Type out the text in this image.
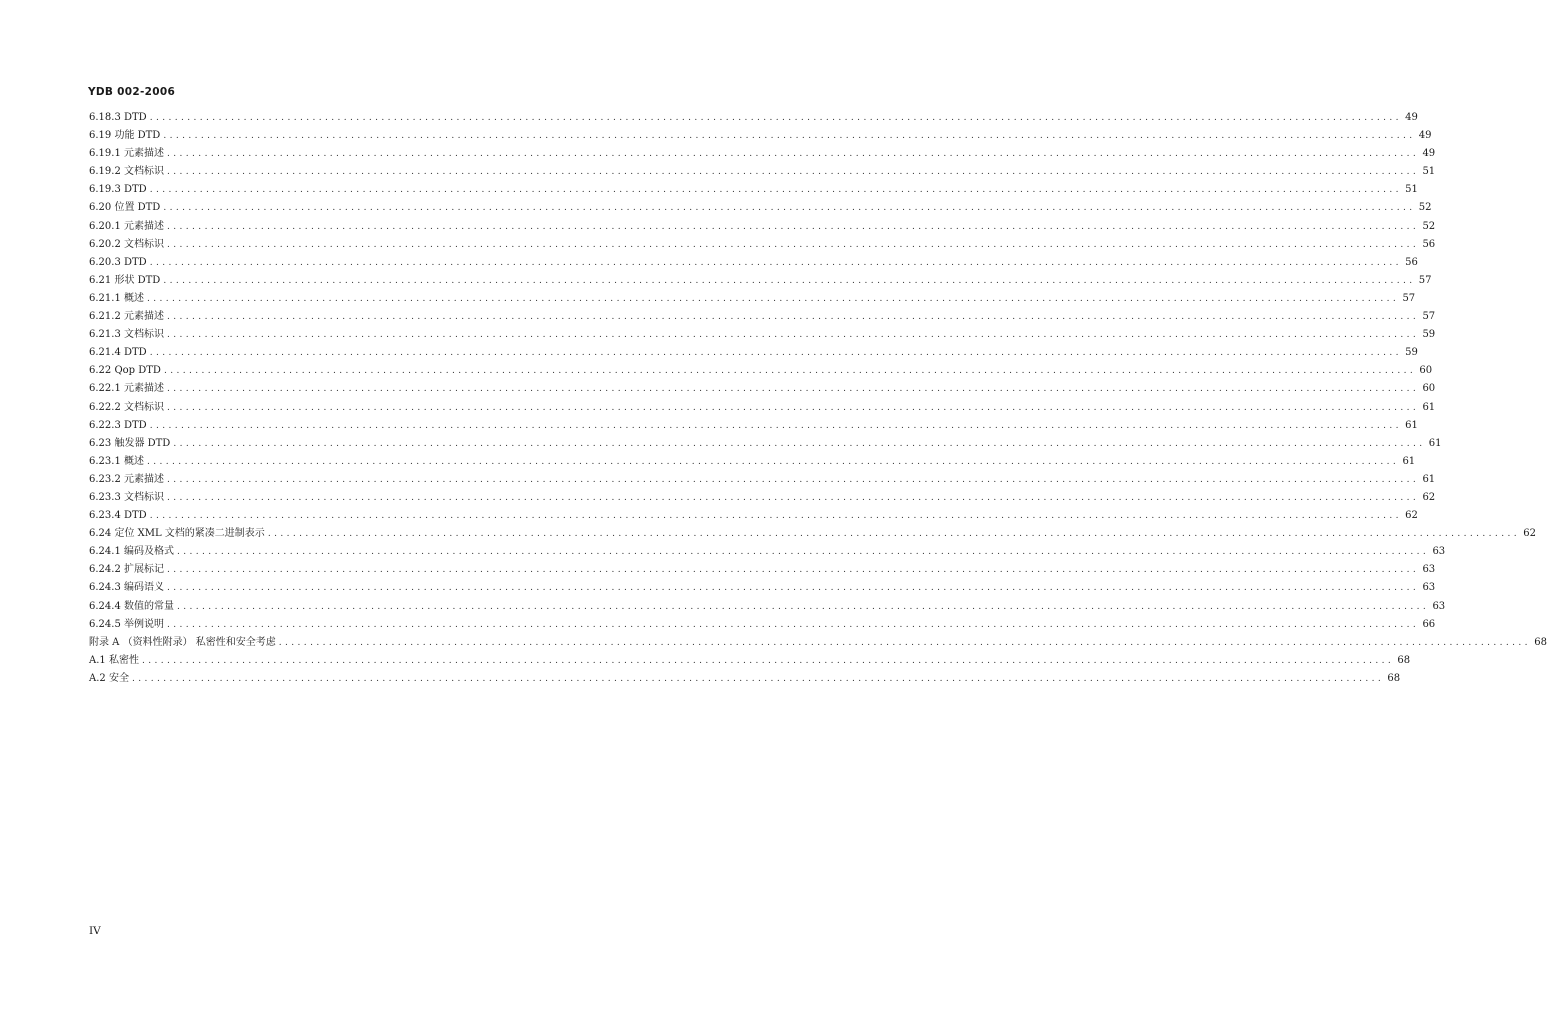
YDB 002-2006
6.18.3 DTD ........................................................................................................................................................................................................ 49
6.19 功能 DTD ........................................................................................................................................................................................................ 49
6.19.1 元素描述 ........................................................................................................................................................................................................ 49
6.19.2 文档标识 ........................................................................................................................................................................................................ 51
6.19.3 DTD ........................................................................................................................................................................................................ 51
6.20 位置 DTD ........................................................................................................................................................................................................ 52
6.20.1 元素描述 ........................................................................................................................................................................................................ 52
6.20.2 文档标识 ........................................................................................................................................................................................................ 56
6.20.3 DTD ........................................................................................................................................................................................................ 56
6.21 形状 DTD ........................................................................................................................................................................................................ 57
6.21.1 概述 ........................................................................................................................................................................................................ 57
6.21.2 元素描述 ........................................................................................................................................................................................................ 57
6.21.3 文档标识 ........................................................................................................................................................................................................ 59
6.21.4 DTD ........................................................................................................................................................................................................ 59
6.22 Qop DTD ........................................................................................................................................................................................................ 60
6.22.1 元素描述 ........................................................................................................................................................................................................ 60
6.22.2 文档标识 ........................................................................................................................................................................................................ 61
6.22.3 DTD ........................................................................................................................................................................................................ 61
6.23 触发器 DTD ........................................................................................................................................................................................................ 61
6.23.1 概述 ........................................................................................................................................................................................................ 61
6.23.2 元素描述 ........................................................................................................................................................................................................ 61
6.23.3 文档标识 ........................................................................................................................................................................................................ 62
6.23.4 DTD ........................................................................................................................................................................................................ 62
6.24 定位 XML 文档的紧凑二进制表示 ........................................................................................................................................................................................................ 62
6.24.1 编码及格式 ........................................................................................................................................................................................................ 63
6.24.2 扩展标记 ........................................................................................................................................................................................................ 63
6.24.3 编码语义 ........................................................................................................................................................................................................ 63
6.24.4 数值的常量 ........................................................................................................................................................................................................ 63
6.24.5 举例说明 ........................................................................................................................................................................................................ 66
附录 A （资料性附录） 私密性和安全考虑 ........................................................................................................................................................................................................ 68
A.1 私密性 ........................................................................................................................................................................................................ 68
A.2 安全 ........................................................................................................................................................................................................ 68
IV
